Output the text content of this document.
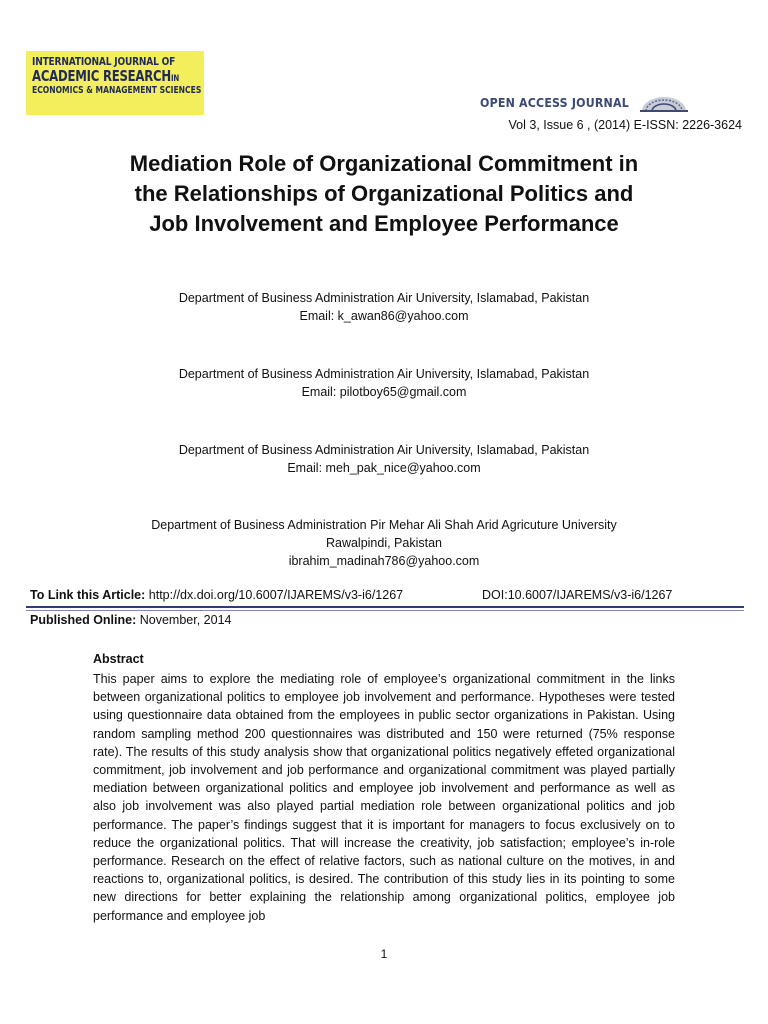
INTERNATIONAL JOURNAL OF
ACADEMIC RESEARCHIN
ECONOMICS & MANAGEMENT SCIENCES
OPEN ACCESS JOURNAL
Vol 3, Issue 6 , (2014) E-ISSN: 2226-3624
Mediation Role of Organizational Commitment in
the Relationships of Organizational Politics and
Job Involvement and Employee Performance
Department of Business Administration Air University, Islamabad, Pakistan
Email: k_awan86@yahoo.com
Department of Business Administration Air University, Islamabad, Pakistan
Email: pilotboy65@gmail.com
Department of Business Administration Air University, Islamabad, Pakistan
Email: meh_pak_nice@yahoo.com
Department of Business Administration Pir Mehar Ali Shah Arid Agricuture University
Rawalpindi, Pakistan
ibrahim_madinah786@yahoo.com
To Link this Article: http://dx.doi.org/10.6007/IJAREMS/v3-i6/1267	DOI:10.6007/IJAREMS/v3-i6/1267
Published Online: November, 2014
Abstract

This paper aims to explore the mediating role of employee’s organizational commitment in the links between organizational politics to employee job involvement and performance. Hypotheses were tested using questionnaire data obtained from the employees in public sector organizations in Pakistan. Using random sampling method 200 questionnaires was distributed and 150 were returned (75% response rate). The results of this study analysis show that organizational politics negatively effeted organizational commitment, job involvement and job performance and organizational commitment was played partially mediation between organizational politics and employee job involvement and performance as well as also job involvement was also played partial mediation role between organizational politics and job performance. The paper’s findings suggest that it is important for managers to focus exclusively on to reduce the organizational politics. That will increase the creativity, job satisfaction; employee’s in-role performance. Research on the effect of relative factors, such as national culture on the motives, in and reactions to, organizational politics, is desired. The contribution of this study lies in its pointing to some new directions for better explaining the relationship among organizational politics, employee job performance and employee job

1
